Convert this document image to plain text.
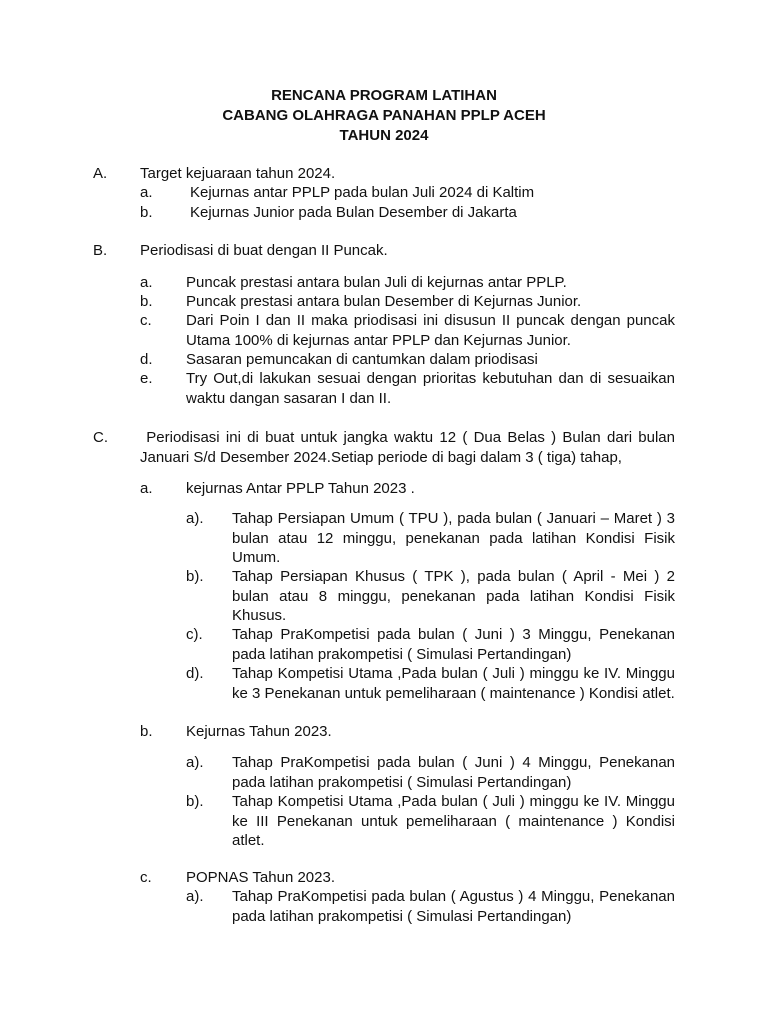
RENCANA PROGRAM LATIHAN
CABANG OLAHRAGA PANAHAN PPLP ACEH
TAHUN 2024
A. Target kejuaraan tahun 2024.
a. Kejurnas antar PPLP pada bulan Juli 2024 di Kaltim
b. Kejurnas Junior pada Bulan Desember di Jakarta
B. Periodisasi di buat dengan II Puncak.
a. Puncak prestasi antara bulan Juli di kejurnas antar PPLP.
b. Puncak prestasi antara bulan Desember di Kejurnas Junior.
c. Dari Poin I dan II maka priodisasi ini disusun II puncak dengan puncak Utama 100% di kejurnas antar PPLP dan Kejurnas Junior.
d. Sasaran pemuncakan di cantumkan dalam priodisasi
e. Try Out,di lakukan sesuai dengan prioritas kebutuhan dan di sesuaikan waktu dangan sasaran I dan II.
C. Periodisasi ini di buat untuk jangka waktu 12 ( Dua Belas ) Bulan dari bulan Januari S/d Desember 2024.Setiap periode di bagi dalam 3 ( tiga) tahap,
a. kejurnas Antar PPLP Tahun 2023 .
a). Tahap Persiapan Umum ( TPU ), pada bulan ( Januari – Maret ) 3 bulan atau 12 minggu, penekanan pada latihan Kondisi Fisik Umum.
b). Tahap Persiapan Khusus ( TPK ), pada bulan ( April - Mei ) 2 bulan atau 8 minggu, penekanan pada latihan Kondisi Fisik Khusus.
c). Tahap PraKompetisi pada bulan ( Juni ) 3 Minggu, Penekanan pada latihan prakompetisi ( Simulasi Pertandingan)
d). Tahap Kompetisi Utama ,Pada bulan ( Juli ) minggu ke IV. Minggu ke 3 Penekanan untuk pemeliharaan ( maintenance ) Kondisi atlet.
b. Kejurnas Tahun 2023.
a). Tahap PraKompetisi pada bulan ( Juni ) 4 Minggu, Penekanan pada latihan prakompetisi ( Simulasi Pertandingan)
b). Tahap Kompetisi Utama ,Pada bulan ( Juli ) minggu ke IV. Minggu ke III Penekanan untuk pemeliharaan ( maintenance ) Kondisi atlet.
c. POPNAS Tahun 2023.
a). Tahap PraKompetisi pada bulan ( Agustus ) 4 Minggu, Penekanan pada latihan prakompetisi ( Simulasi Pertandingan)
